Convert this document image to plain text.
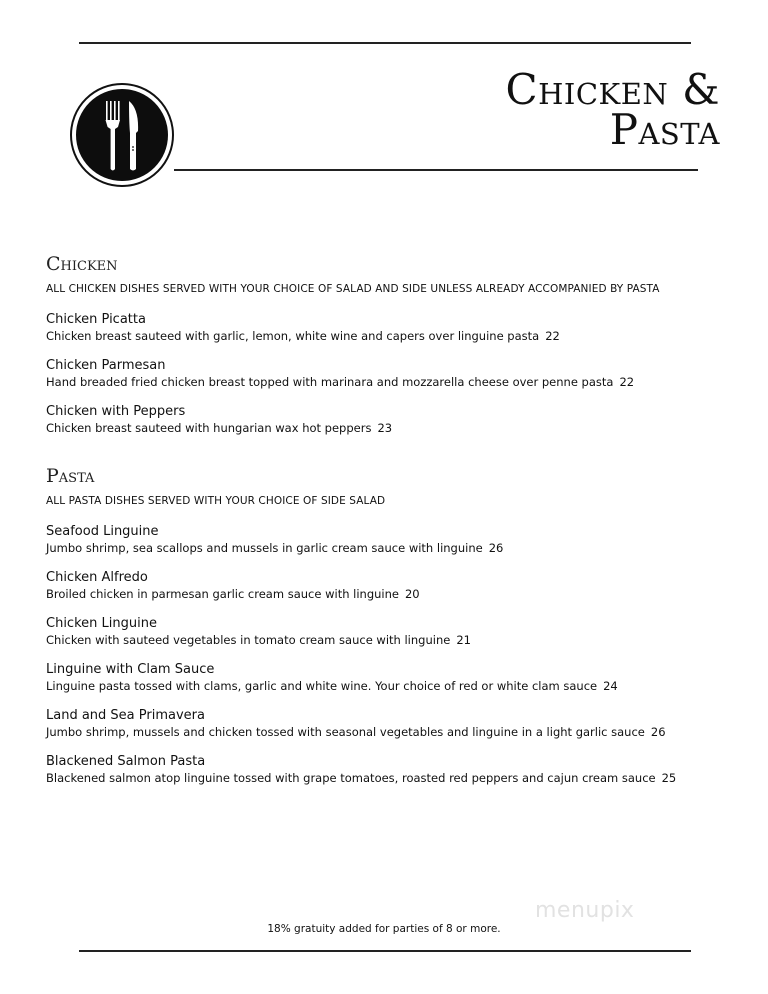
Chicken &
Pasta
Chicken
ALL CHICKEN DISHES SERVED WITH YOUR CHOICE OF SALAD AND SIDE UNLESS ALREADY ACCOMPANIED BY PASTA
Chicken Picatta
Chicken breast sauteed with garlic, lemon, white wine and capers over linguine pasta 22
Chicken Parmesan
Hand breaded fried chicken breast topped with marinara and mozzarella cheese over penne pasta 22
Chicken with Peppers
Chicken breast sauteed with hungarian wax hot peppers 23
Pasta
ALL PASTA DISHES SERVED WITH YOUR CHOICE OF SIDE SALAD
Seafood Linguine
Jumbo shrimp, sea scallops and mussels in garlic cream sauce with linguine 26
Chicken Alfredo
Broiled chicken in parmesan garlic cream sauce with linguine 20
Chicken Linguine
Chicken with sauteed vegetables in tomato cream sauce with linguine 21
Linguine with Clam Sauce
Linguine pasta tossed with clams, garlic and white wine. Your choice of red or white clam sauce 24
Land and Sea Primavera
Jumbo shrimp, mussels and chicken tossed with seasonal vegetables and linguine in a light garlic sauce 26
Blackened Salmon Pasta
Blackened salmon atop linguine tossed with grape tomatoes, roasted red peppers and cajun cream sauce 25
menupix
18% gratuity added for parties of 8 or more.
